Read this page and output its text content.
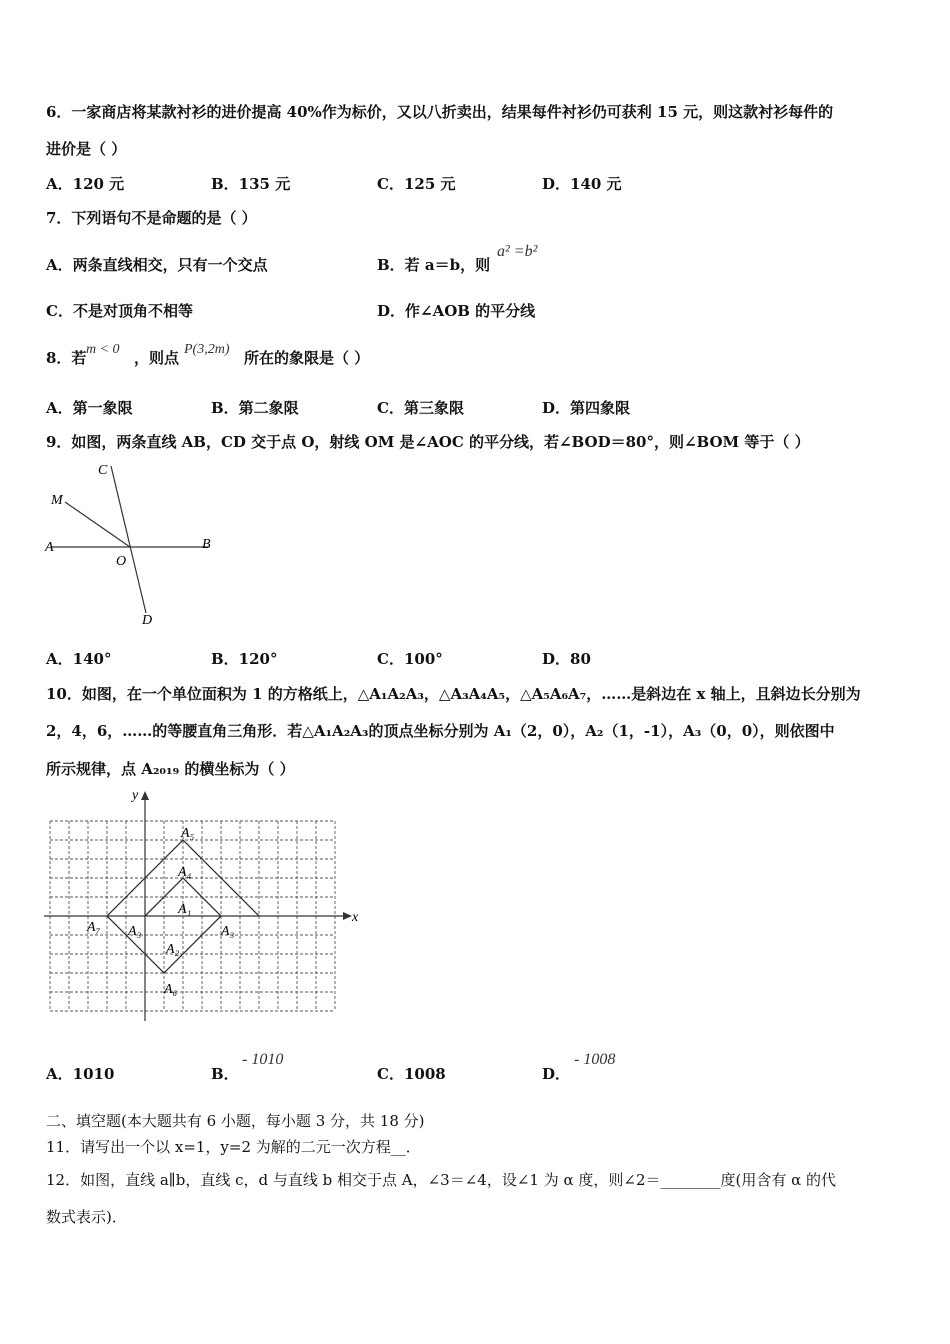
6．一家商店将某款衬衫的进价提高 40%作为标价，又以八折卖出，结果每件衬衫仍可获利 15 元，则这款衬衫每件的
进价是（ ）
A．120 元	B．135 元	C．125 元	D．140 元
7．下列语句不是命题的是（ ）
A．两条直线相交，只有一个交点	B．若 a＝b，则
a² =b²
C．不是对顶角不相等	D．作∠AOB 的平分线
8．若 m < 0 ，则点 P(3,2m) 所在的象限是（ ）
A．第一象限	B．第二象限	C．第三象限	D．第四象限
9．如图，两条直线 AB，CD 交于点 O，射线 OM 是∠AOC 的平分线，若∠BOD＝80°，则∠BOM 等于（ ）
C
M
A
O
B
D
A．140°	B．120°	C．100°	D．80
10．如图，在一个单位面积为 1 的方格纸上，△A₁A₂A₃，△A₃A₄A₅，△A₅A₆A₇，……是斜边在 x 轴上，且斜边长分别为
2，4，6，……的等腰直角三角形．若△A₁A₂A₃的顶点坐标分别为 A₁（2，0），A₂（1，-1），A₃（0，0），则依图中
所示规律，点 A₂₀₁₉ 的横坐标为（ ）
y
x
A₁
A₂
A₃
A₄
A₃
A₆
A₇
A₅
A．1010	B．
- 1010
C．1008	D．
- 1008
二、填空题(本大题共有 6 小题，每小题 3 分，共 18 分)
11．请写出一个以 x=1，y=2 为解的二元一次方程__．
12．如图，直线 a∥b，直线 c，d 与直线 b 相交于点 A，∠3＝∠4，设∠1 为 α 度，则∠2＝________度(用含有 α 的代
数式表示)．
